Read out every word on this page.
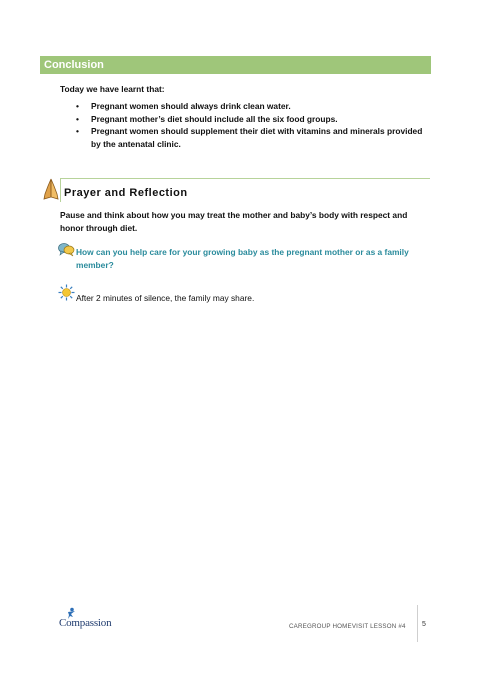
Conclusion
Today we have learnt that:
• Pregnant women should always drink clean water.
• Pregnant mother’s diet should include all the six food groups.
• Pregnant women should supplement their diet with vitamins and minerals provided by the antenatal clinic.
Prayer and Reflection
Pause and think about how you may treat the mother and baby’s body with respect and honor through diet.
How can you help care for your growing baby as the pregnant mother or as a family member?
After 2 minutes of silence, the family may share.
Compassion	CAREGROUP HOMEVISIT LESSON #4 5
